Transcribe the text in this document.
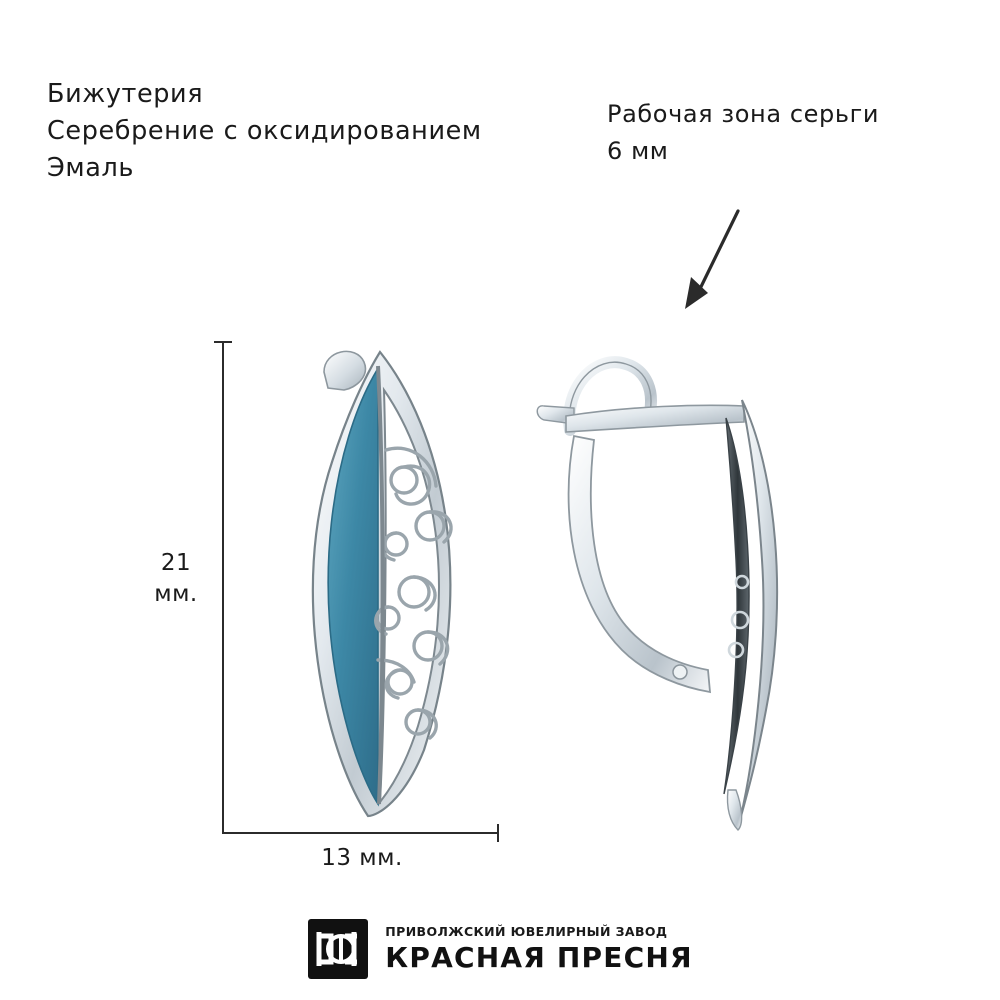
Бижутерия
Серебрение с оксидированием
Эмаль
Рабочая зона серьги
6 мм
21
мм.
13 мм.
ПРИВОЛЖСКИЙ ЮВЕЛИРНЫЙ ЗАВОД
КРАСНАЯ ПРЕСНЯ
